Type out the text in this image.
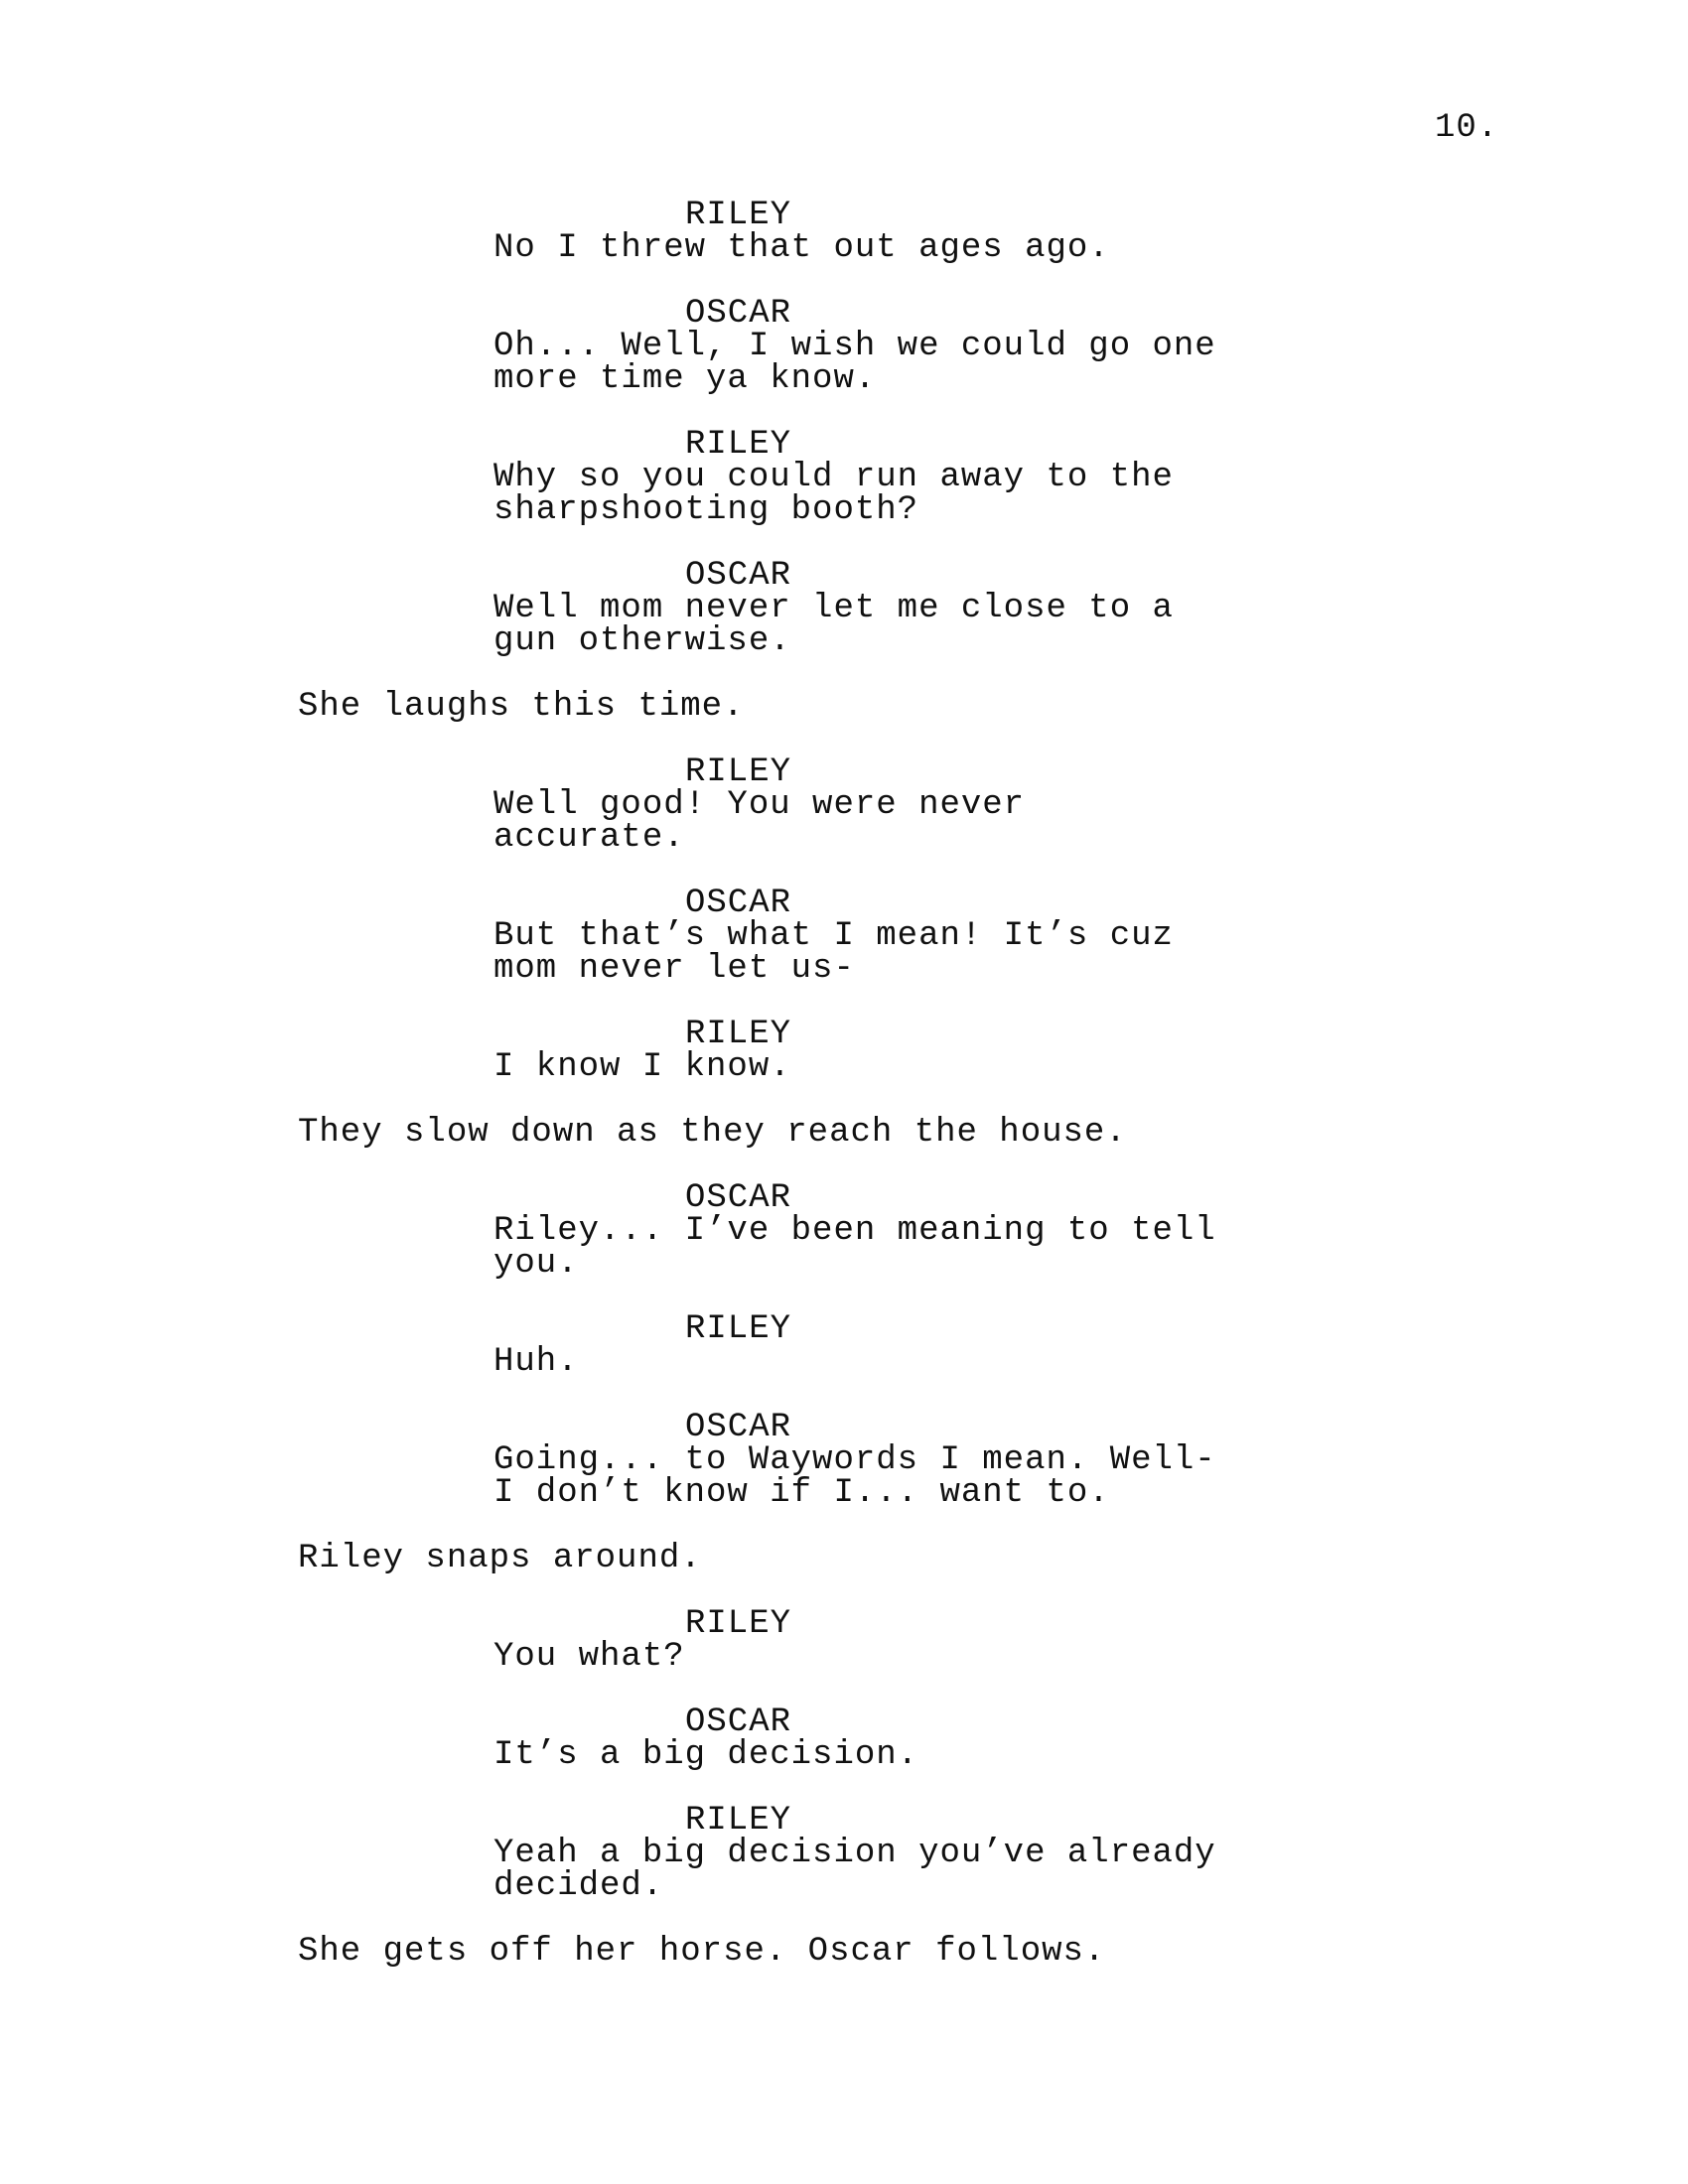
10.
RILEY
No I threw that out ages ago.
OSCAR
Oh... Well, I wish we could go one
more time ya know.
RILEY
Why so you could run away to the
sharpshooting booth?
OSCAR
Well mom never let me close to a
gun otherwise.
She laughs this time.
RILEY
Well good! You were never
accurate.
OSCAR
But that’s what I mean! It’s cuz
mom never let us-
RILEY
I know I know.
They slow down as they reach the house.
OSCAR
Riley... I’ve been meaning to tell
you.
RILEY
Huh.
OSCAR
Going... to Waywords I mean. Well-
I don’t know if I... want to.
Riley snaps around.
RILEY
You what?
OSCAR
It’s a big decision.
RILEY
Yeah a big decision you’ve already
decided.
She gets off her horse. Oscar follows.
